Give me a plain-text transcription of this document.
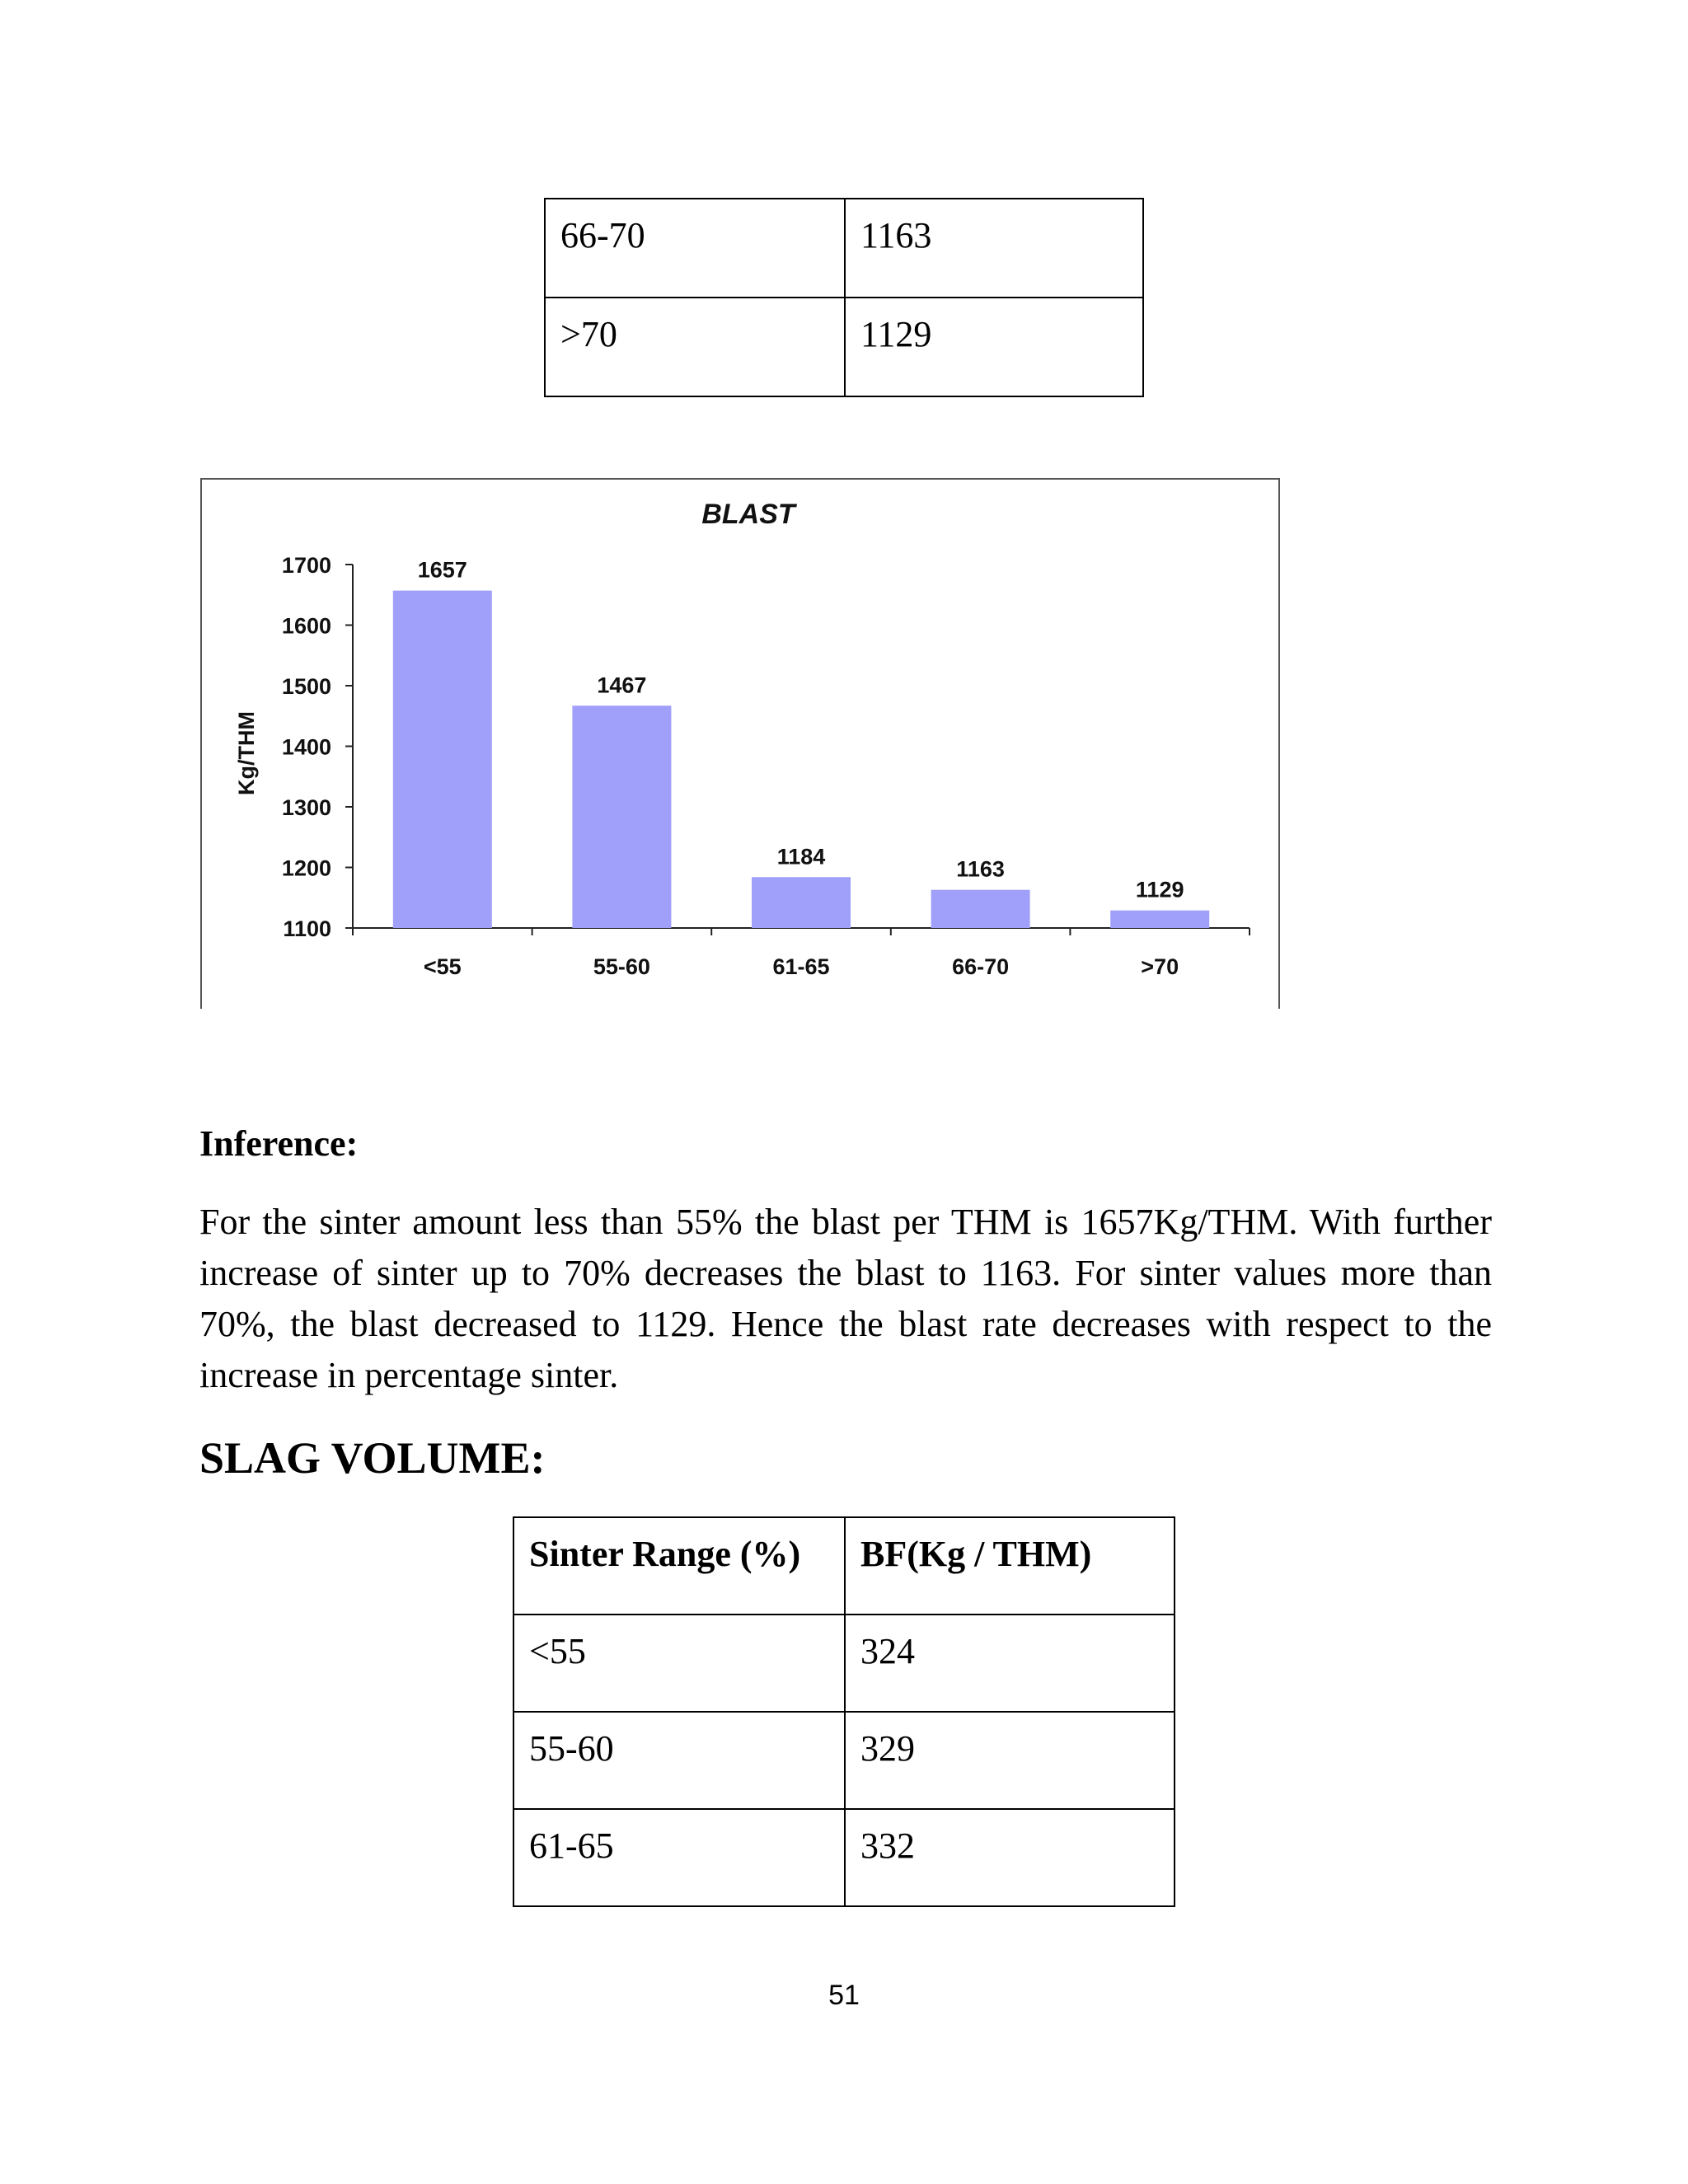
66-70	1163
>70	1129
BLAST
Kg/THM
1100
1200
1300
1400
1500
1600
1700	1657
<55
1467
55-60
1184
61-65
1163
66-70
1129
>70
Inference:

For the sinter amount less than 55% the blast per THM is 1657Kg/THM. With further increase of sinter up to 70% decreases the blast to 1163. For sinter values more than 70%, the blast decreased to 1129. Hence the blast rate decreases with respect to the increase in percentage sinter.

SLAG VOLUME:
Sinter Range (%)	BF(Kg / THM)
<55	324
55-60	329
61-65	332
51
